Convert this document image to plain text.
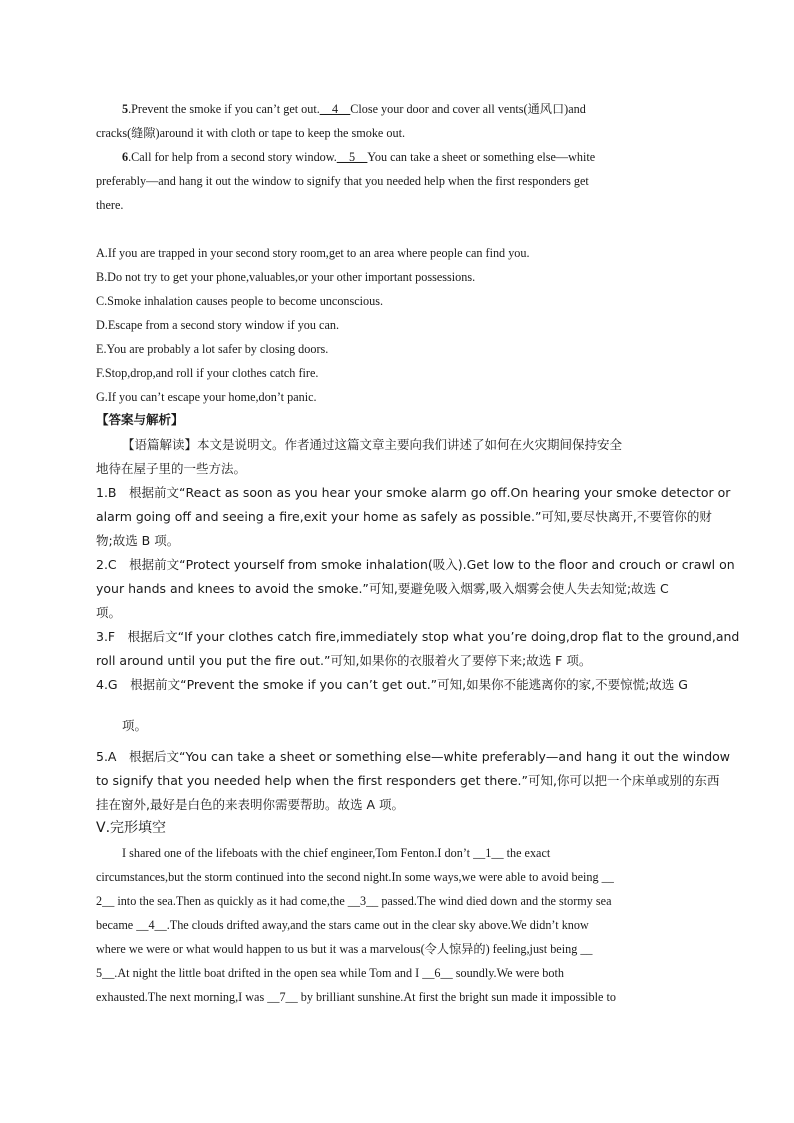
5.Prevent the smoke if you can’t get out.__4__Close your door and cover all vents(通风口)and
cracks(缝隙)around it with cloth or tape to keep the smoke out.
6.Call for help from a second story window.__5__You can take a sheet or something else—white
preferably—and hang it out the window to signify that you needed help when the first responders get
there.
A.If you are trapped in your second story room,get to an area where people can find you.
B.Do not try to get your phone,valuables,or your other important possessions.
C.Smoke inhalation causes people to become unconscious.
D.Escape from a second story window if you can.
E.You are probably a lot safer by closing doors.
F.Stop,drop,and roll if your clothes catch fire.
G.If you can’t escape your home,don’t panic.
【答案与解析】
【语篇解读】本文是说明文。作者通过这篇文章主要向我们讲述了如何在火灾期间保持安全
地待在屋子里的一些方法。
1.B　根据前文“React as soon as you hear your smoke alarm go off.On hearing your smoke detector or
alarm going off and seeing a fire,exit your home as safely as possible.”可知,要尽快离开,不要管你的财
物;故选 B 项。
2.C　根据前文“Protect yourself from smoke inhalation(吸入).Get low to the floor and crouch or crawl on
your hands and knees to avoid the smoke.”可知,要避免吸入烟雾,吸入烟雾会使人失去知觉;故选 C
项。
3.F　根据后文“If your clothes catch fire,immediately stop what you’re doing,drop flat to the ground,and
roll around until you put the fire out.”可知,如果你的衣服着火了要停下来;故选 F 项。
4.G　根据前文“Prevent the smoke if you can’t get out.”可知,如果你不能逃离你的家,不要惊慌;故选 G
项。
5.A　根据后文“You can take a sheet or something else—white preferably—and hang it out the window
to signify that you needed help when the first responders get there.”可知,你可以把一个床单或别的东西
挂在窗外,最好是白色的来表明你需要帮助。故选 A 项。
Ⅴ.完形填空
I shared one of the lifeboats with the chief engineer,Tom Fenton.I don’t __1__ the exact
circumstances,but the storm continued into the second night.In some ways,we were able to avoid being __
2__ into the sea.Then as quickly as it had come,the __3__ passed.The wind died down and the stormy sea
became __4__.The clouds drifted away,and the stars came out in the clear sky above.We didn’t know
where we were or what would happen to us but it was a marvelous(令人惊异的) feeling,just being __
5__.At night the little boat drifted in the open sea while Tom and I __6__ soundly.We were both
exhausted.The next morning,I was __7__ by brilliant sunshine.At first the bright sun made it impossible to
